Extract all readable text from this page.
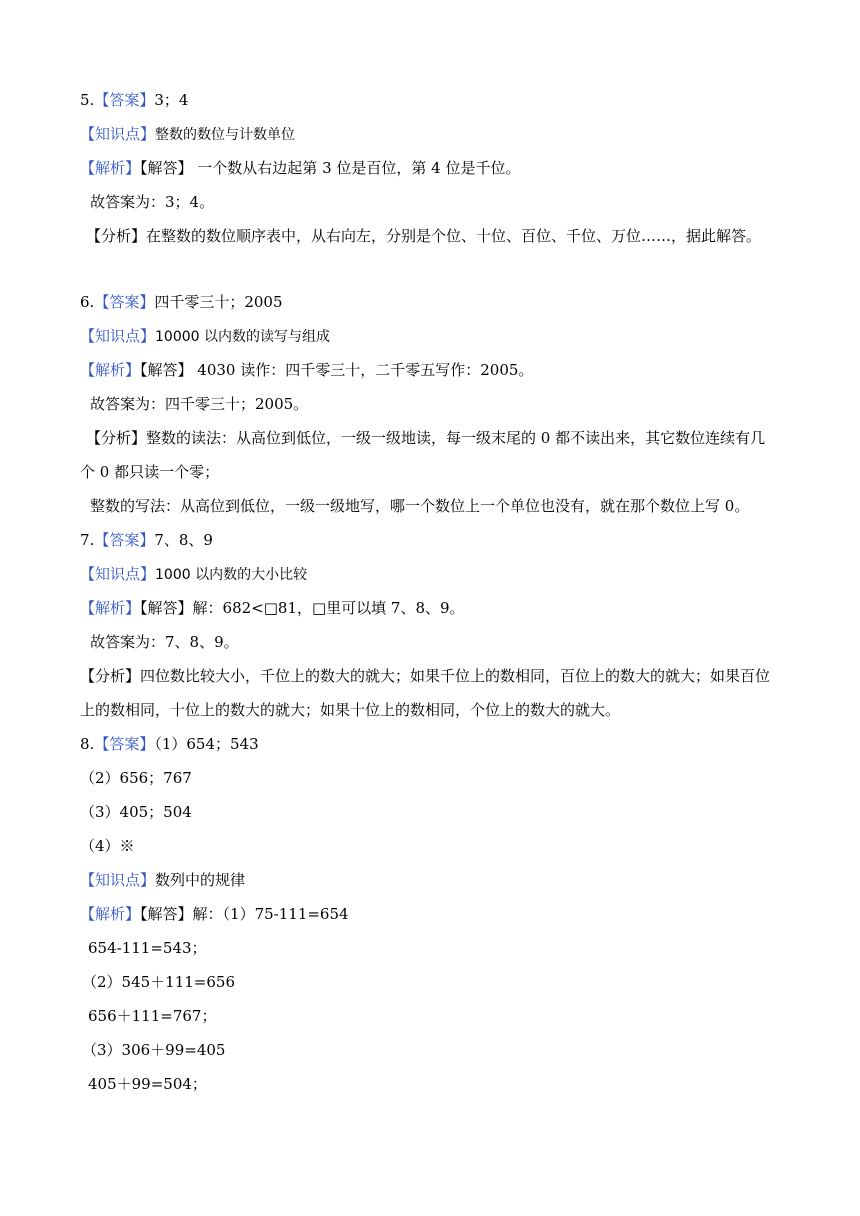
5.【答案】3；4
【知识点】整数的数位与计数单位
【解析】【解答】 一个数从右边起第 3 位是百位，第 4 位是千位。
故答案为：3；4。
【分析】在整数的数位顺序表中，从右向左，分别是个位、十位、百位、千位、万位……，据此解答。
6.【答案】四千零三十；2005
【知识点】10000 以内数的读写与组成
【解析】【解答】 4030 读作：四千零三十，二千零五写作：2005。
故答案为：四千零三十；2005。
【分析】整数的读法：从高位到低位，一级一级地读，每一级末尾的 0 都不读出来，其它数位连续有几个 0 都只读一个零；
整数的写法：从高位到低位，一级一级地写，哪一个数位上一个单位也没有，就在那个数位上写 0。
7.【答案】7、8、9
【知识点】1000 以内数的大小比较
【解析】【解答】解：682<□81，□里可以填 7、8、9。
故答案为：7、8、9。
【分析】四位数比较大小，千位上的数大的就大；如果千位上的数相同，百位上的数大的就大；如果百位上的数相同，十位上的数大的就大；如果十位上的数相同，个位上的数大的就大。
8.【答案】（1）654；543
（2）656；767
（3）405；504
（4）※
【知识点】数列中的规律
【解析】【解答】解：（1）75-111=654
654-111=543；
（2）545＋111=656
656＋111=767；
（3）306＋99=405
405＋99=504；
